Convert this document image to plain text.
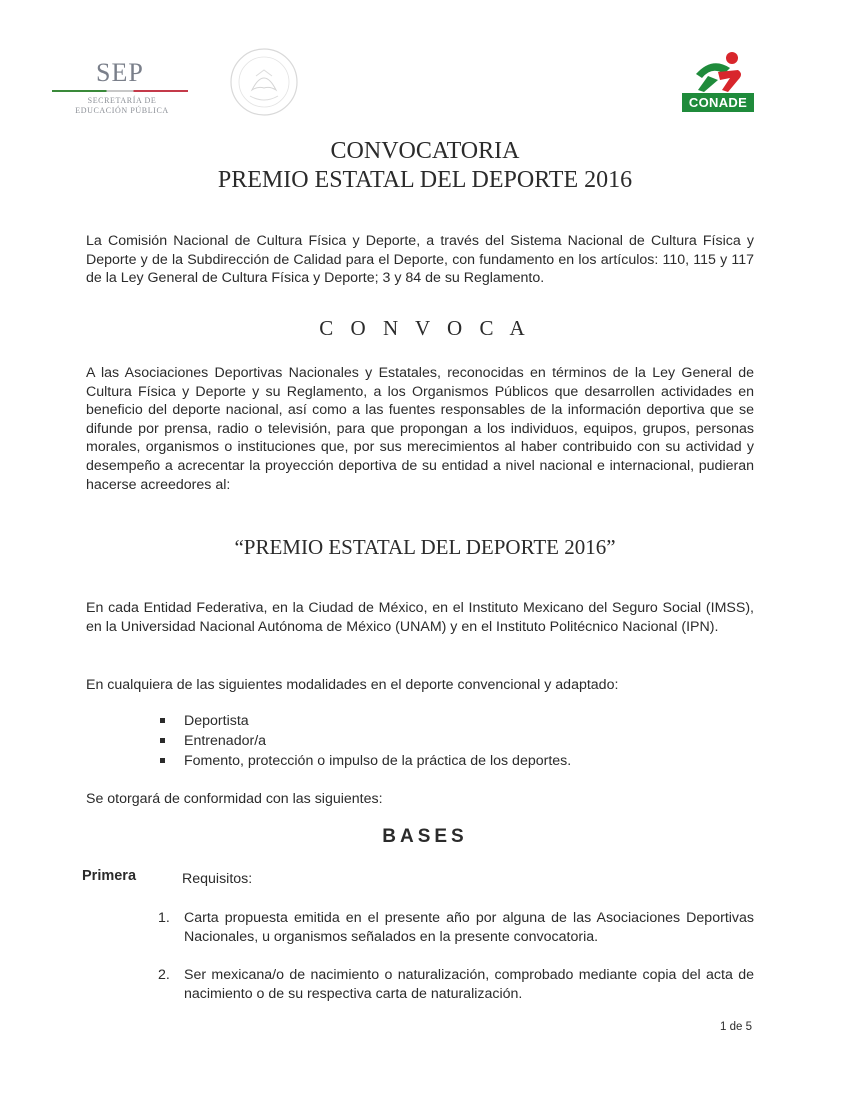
SEP
SECRETARÍA DE
EDUCACIÓN PÚBLICA
CONADE
CONVOCATORIA
PREMIO ESTATAL DEL DEPORTE 2016
La Comisión Nacional de Cultura Física y Deporte, a través del Sistema Nacional de Cultura Física y Deporte y de la Subdirección de Calidad para el Deporte, con fundamento en los artículos: 110, 115 y 117 de la Ley General de Cultura Física y Deporte; 3 y 84 de su Reglamento.
C O N V O C A
A las Asociaciones Deportivas Nacionales y Estatales, reconocidas en términos de la Ley General de Cultura Física y Deporte y su Reglamento, a los Organismos Públicos que desarrollen actividades en beneficio del deporte nacional, así como a las fuentes responsables de la información deportiva que se difunde por prensa, radio o televisión, para que propongan a los individuos, equipos, grupos, personas morales, organismos o instituciones que, por sus merecimientos al haber contribuido con su actividad y desempeño a acrecentar la proyección deportiva de su entidad a nivel nacional e internacional, pudieran hacerse acreedores al:
“PREMIO ESTATAL DEL DEPORTE 2016”
En cada Entidad Federativa, en la Ciudad de México, en el Instituto Mexicano del Seguro Social (IMSS), en la Universidad Nacional Autónoma de México (UNAM) y en el Instituto Politécnico Nacional (IPN).
En cualquiera de las siguientes modalidades en el deporte convencional y adaptado:
Deportista
Entrenador/a
Fomento, protección o impulso de la práctica de los deportes.
Se otorgará de conformidad con las siguientes:
BASES
Primera	Requisitos:
1. Carta propuesta emitida en el presente año por alguna de las Asociaciones Deportivas Nacionales, u organismos señalados en la presente convocatoria.
2. Ser mexicana/o de nacimiento o naturalización, comprobado mediante copia del acta de nacimiento o de su respectiva carta de naturalización.
1 de 5
